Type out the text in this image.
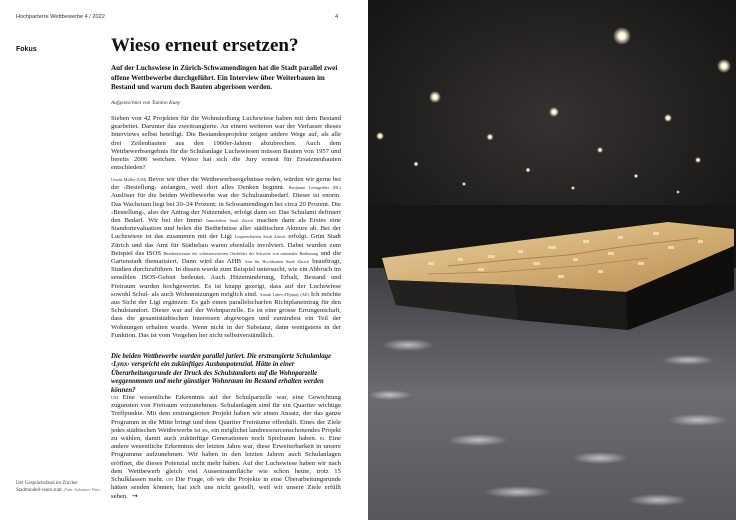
Hochparterre Wettbewerbe 4 / 2022	4
Fokus	Wieso erneut ersetzen?
Auf der Luchswiese in Zürich-Schwamendingen hat die Stadt parallel zwei offene Wettbewerbe durchgeführt. Ein Interview über Weiterbauen im Bestand und warum doch Bauten abgerissen werden.
Aufgezeichnet von Tamino Kuny
Sieben von 42 Projekten für die Wohnsiedlung Luchswiese haben mit dem Bestand gearbeitet. Darunter das zweitrangierte. An einem weiteren war der Verfasser dieses Interviews selbst beteiligt. Die Bestandesprojekte zeigen andere Wege auf, als alle drei Zeilenbauten aus den 1960er-Jahren abzubrechen. Auch dem Wettbewerbsergebnis für die Schulanlage Luchswiesen müssen Bauten von 1957 und bereits 2006 weichen. Wieso hat sich die Jury erneut für Ersatzneubauten entschieden?
Ursula Müller (UM) Bevor wir über die Wettbewerbsergebnisse reden, würden wir gerne bei der ‹Bestellung› anfangen, weil dort alles Denken beginnt. Benjamin Leimgrüber (BL) Auslöser für die beiden Wettbewerbe war der Schulraumbedarf. Dieser ist enorm. Das Wachstum liegt bei 20–24 Prozent; in Schwamendingen bei circa 20 Prozent. Die ‹Bestellung›, also der Antrag der Nutzenden, erfolgt dann so: Das Schulamt definiert den Bedarf. Wir bei der Immo Immobilien Stadt Zürich machen dann als Erstes eine Standortevaluation und holen die Bedürfnisse aller städtischen Akteure ab. Bei der Luchswiese ist das zusammen mit der Ligi Liegenschaften Stadt Zürich erfolgt. Grün Stadt Zürich und das Amt für Städtebau waren ebenfalls involviert. Dabei wurden zum Beispiel das ISOS Bundesinventar der schützenswerten Ortsbilder der Schweiz von nationaler Bedeutung und die Gartenstadt thematisiert. Dann wird das AHB Amt für Hochbauten Stadt Zürich beauftragt, Studien durchzuführen. In diesen wurde zum Beispiel untersucht, wie ein Abbruch im sensiblen ISOS-Gebiet bedeutet. Auch Hitzeminderung, Erhalt, Bestand und Freiraum wurden hochgewertet. Es ist knapp gezeigt, dass auf der Luchswiese sowohl Schul- als auch Wohnnutzungen möglich sind. Anouk Labre-d'Epinay (AE) Ich möchte aus Sicht der Ligi ergänzen: Es gab einen parallelscharfen Richtplaneintrag für den Schulstandort. Dieser war auf der Wohnparzelle. Es ist eine grosse Errungenschaft, dass die gesamtstädtischen Interessen abgewogen und zumindest ein Teil der Wohnungen erhalten wurde. Wenn nicht in der Substanz, dann wenigstens in der Funktion. Das ist vom Vorgehen her nicht selbstverständlich.
Die beiden Wettbewerbe wurden parallel juriert. Die erstrangierte Schulanlage ‹Lynx› verspricht ein zukünftiges Ausbaupotenzial. Hätte in einer Überarbeitungsrunde der Druck des Schulstandorts auf die Wohnparzelle weggenommen und mehr günstiger Wohnraum im Bestand erhalten werden können?
UM Eine wesentliche Erkenntnis auf der Schulparzelle war, eine Gewichtung zugunsten von Freiraum vorzunehmen. Schulanlagen sind für ein Quartier wichtige Treffpunkte. Mit dem erstrangierten Projekt haben wir einen Ansatz, der das ganze Programm in die Mitte bringt und dem Quartier Freiräume offenhält. Eines der Ziele jedes städtischen Wettbewerbs ist es, ein möglichst landressourcenschonendes Projekt zu wählen, damit auch zukünftige Generationen noch Spielraum haben. BL Eine andere wesentliche Erkenntnis der letzten Jahre war, diese Erweiterbarkeit in unsere Programme aufzunehmen. Wir haben in den letzten Jahren auch Schulanlagen eröffnet, die dieses Potenzial nicht mehr haben. Auf der Luchswiese haben wir nach dem Wettbewerb gleich viel Aussenraumfläche wie schon heute, trotz 15 Schulklassen mehr. UM Die Frage, ob wir die Projekte in eine Überarbeitungsrunde hätten senden können, hat sich uns nicht gestellt, weil wir unsere Ziele erfüllt sehen. →
Der Gesprächsfand im Zürcher Stadtmodell-raum statt. Foto: Salvatore Vinci
